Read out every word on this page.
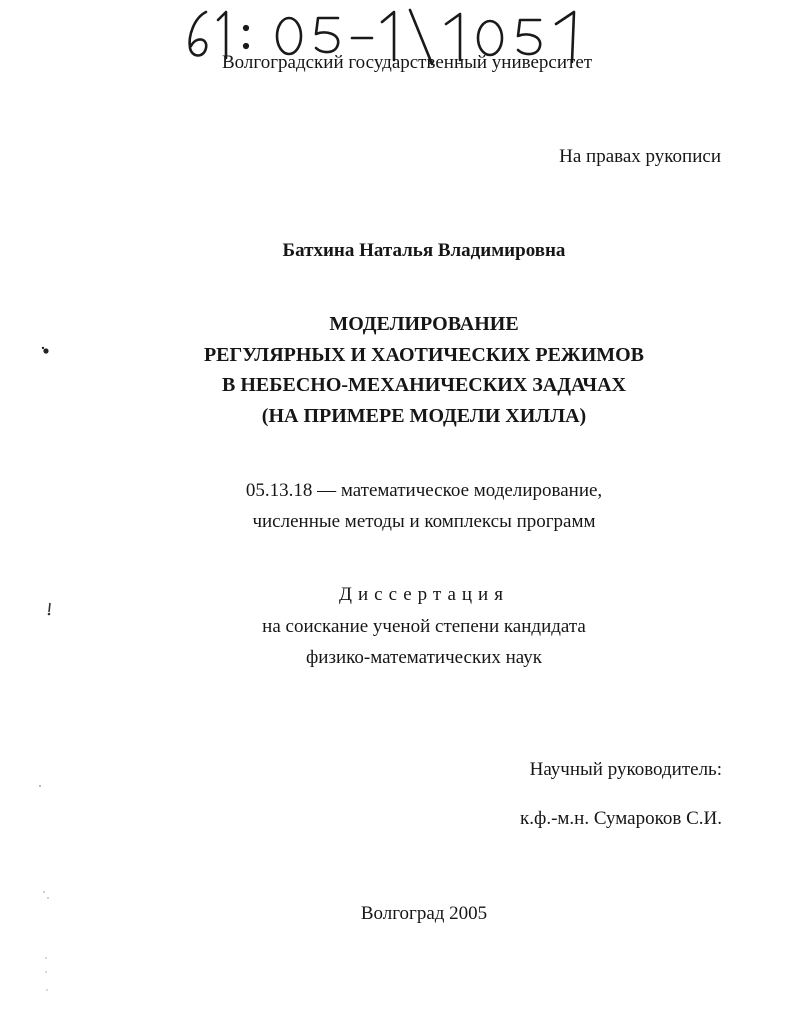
Волгоградский государственный университет
На правах рукописи
Батхина Наталья Владимировна
МОДЕЛИРОВАНИЕ
РЕГУЛЯРНЫХ И ХАОТИЧЕСКИХ РЕЖИМОВ
В НЕБЕСНО-МЕХАНИЧЕСКИХ ЗАДАЧАХ
(НА ПРИМЕРЕ МОДЕЛИ ХИЛЛА)
05.13.18 — математическое моделирование,
численные методы и комплексы программ
Диссертация
на соискание ученой степени кандидата
физико-математических наук
Научный руководитель:
к.ф.-м.н. Сумароков С.И.
Волгоград 2005
